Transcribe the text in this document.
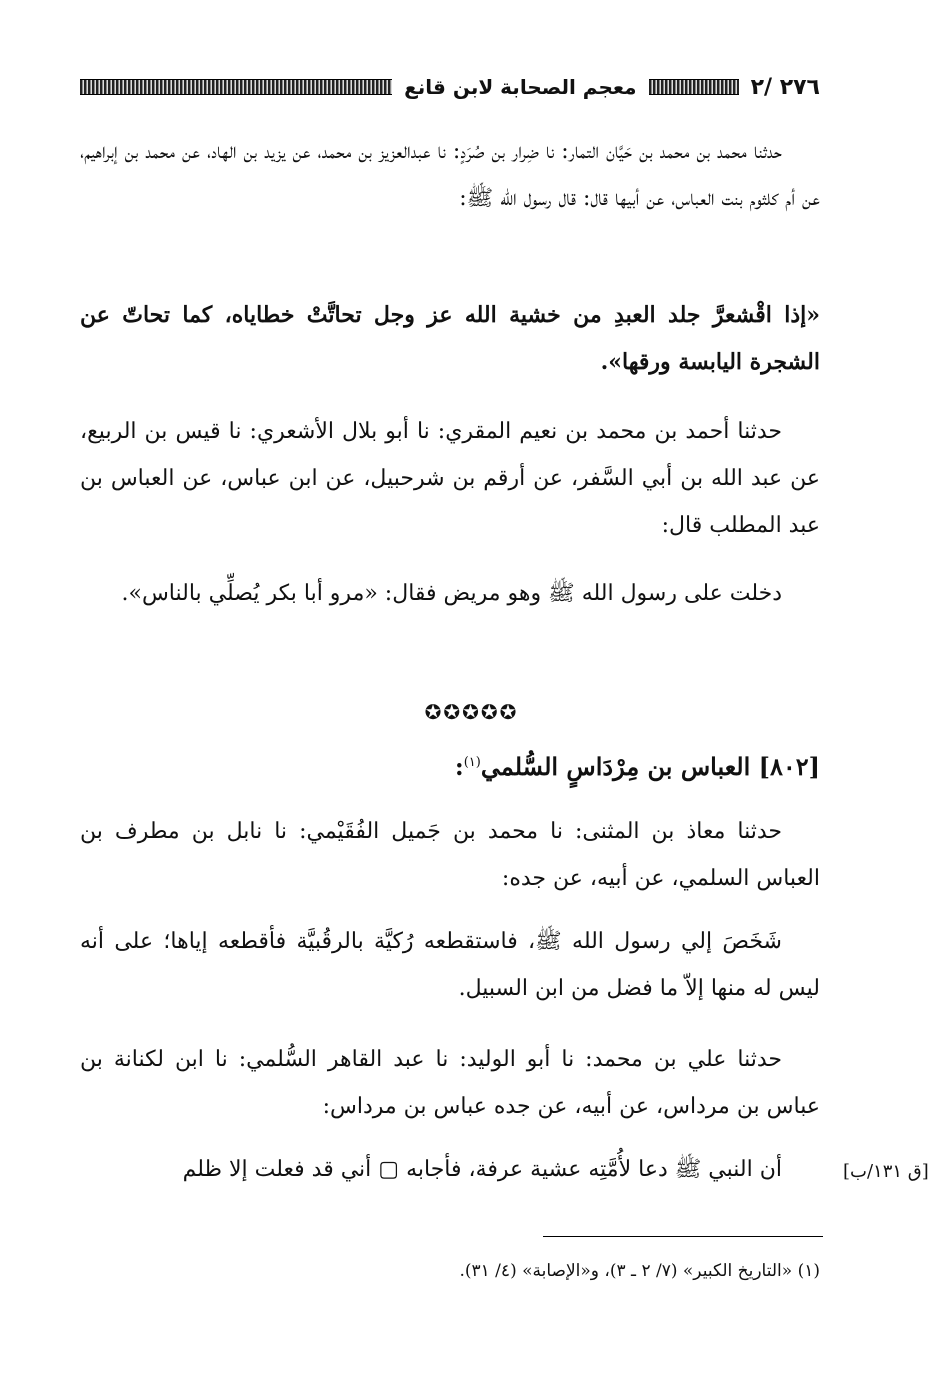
٢٧٦ /٢
معجم الصحابة لابن قانع

حدثنا محمد بن محمد بن حَيَّان التمار: نا ضِرار بن صُرَدٍ: نا عبدالعزيز بن محمد، عن يزيد بن الهاد، عن محمد بن إبراهيم، عن أم كلثوم بنت العباس، عن أبيها قال: قال رسول الله ﷺ:

«إذا اقْشعرَّ جلد العبدِ من خشية الله عز وجل تحاتَّتْ خطاياه، كما تحاتّ عن الشجرة اليابسة ورقها».

حدثنا أحمد بن محمد بن نعيم المقري: نا أبو بلال الأشعري: نا قيس بن الربيع، عن عبد الله بن أبي السَّفر، عن أرقم بن شرحبيل، عن ابن عباس، عن العباس بن عبد المطلب قال:

دخلت على رسول الله ﷺ وهو مريض فقال: «مرو أبا بكر يُصلِّي بالناس».

✪✪✪✪✪
[٨٠٢] العباس بن مِرْدَاسٍ السُّلمي$^{(١)}$:

حدثنا معاذ بن المثنى: نا محمد بن جَميل الفُقَيْمي: نا نابل بن مطرف بن العباس السلمي، عن أبيه، عن جده:

شَخَصَ إلي رسول الله ﷺ، فاستقطعه رُكيَّة بالرقُبيَّة فأقطعه إياها؛ على أنه ليس له منها إلاّ ما فضل من ابن السبيل.

حدثنا علي بن محمد: نا أبو الوليد: نا عبد القاهر السُّلمي: نا ابن لكنانة بن عباس بن مرداس، عن أبيه، عن جده عباس بن مرداس:

أن النبي ﷺ دعا لأُمَّتِه عشية عرفة، فأجابه ▢ أني قد فعلت إلا ظلم	[ق ١٣١/ب]
(١) «التاريخ الكبير» (٧/ ٢ ـ ٣)، و«الإصابة» (٤/ ٣١).
